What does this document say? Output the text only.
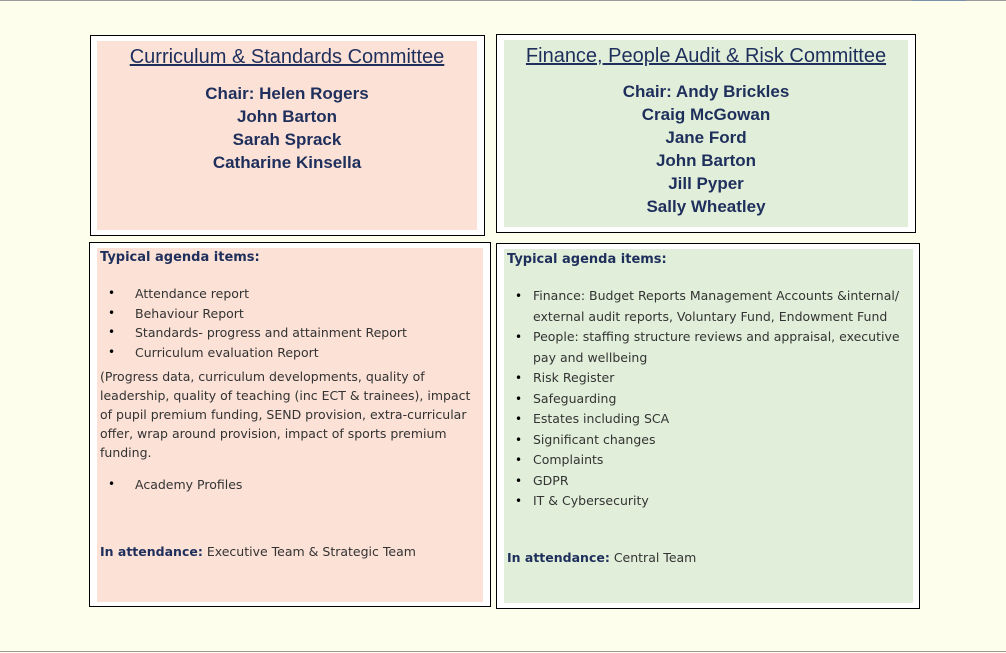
Curriculum & Standards Committee
Chair: Helen Rogers
John Barton
Sarah Sprack
Catharine Kinsella
Finance, People Audit & Risk Committee
Chair: Andy Brickles
Craig McGowan
Jane Ford
John Barton
Jill Pyper
Sally Wheatley
Typical agenda items:
• Attendance report
• Behaviour Report
• Standards- progress and attainment Report
• Curriculum evaluation Report

(Progress data, curriculum developments, quality of leadership, quality of teaching (inc ECT & trainees), impact of pupil premium funding, SEND provision, extra-curricular offer, wrap around provision, impact of sports premium funding.

• Academy Profiles
In attendance: Executive Team & Strategic Team
Typical agenda items:
• Finance: Budget Reports Management Accounts &internal/ external audit reports, Voluntary Fund, Endowment Fund
• People: staffing structure reviews and appraisal, executive pay and wellbeing
• Risk Register
• Safeguarding
• Estates including SCA
• Significant changes
• Complaints
• GDPR
• IT & Cybersecurity
In attendance: Central Team
